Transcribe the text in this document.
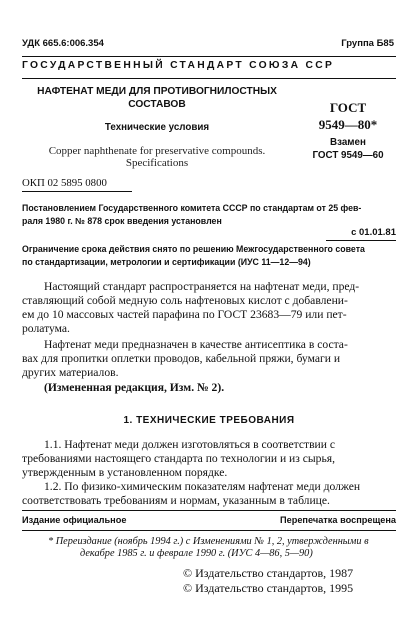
УДК 665.6:006.354	Группа Б85
ГОСУДАРСТВЕННЫЙ СТАНДАРТ СОЮЗА ССР
НАФТЕНАТ МЕДИ ДЛЯ ПРОТИВОГНИЛОСТНЫХ
СОСТАВОВ
Технические условия
Copper naphthenate for preservative compounds.
Specifications
ГОСТ
9549—80*
Взамен
ГОСТ 9549—60
ОКП 02 5895 0800
Постановлением Государственного комитета СССР по стандартам от 25 фев-
раля 1980 г. № 878 срок введения установлен
с 01.01.81
Ограничение срока действия снято по решению Межгосударственного совета
по стандартизации, метрологии и сертификации (ИУС 11—12—94)
Настоящий стандарт распространяется на нафтенат меди, пред-
ставляющий собой медную соль нафтеновых кислот с добавлени-
ем до 10 массовых частей парафина по ГОСТ 23683—79 или пет-
ролатума.
Нафтенат меди предназначен в качестве антисептика в соста-
вах для пропитки оплетки проводов, кабельной пряжи, бумаги и
других материалов.
(Измененная редакция, Изм. № 2).
1. ТЕХНИЧЕСКИЕ ТРЕБОВАНИЯ
1.1. Нафтенат меди должен изготовляться в соответствии с
требованиями настоящего стандарта по технологии и из сырья,
утвержденным в установленном порядке.
1.2. По физико-химическим показателям нафтенат меди должен
соответствовать требованиям и нормам, указанным в таблице.
Издание официальное	Перепечатка воспрещена
* Переиздание (ноябрь 1994 г.) с Изменениями № 1, 2, утвержденными в
декабре 1985 г. и феврале 1990 г. (ИУС 4—86, 5—90)
© Издательство стандартов, 1987
© Издательство стандартов, 1995
